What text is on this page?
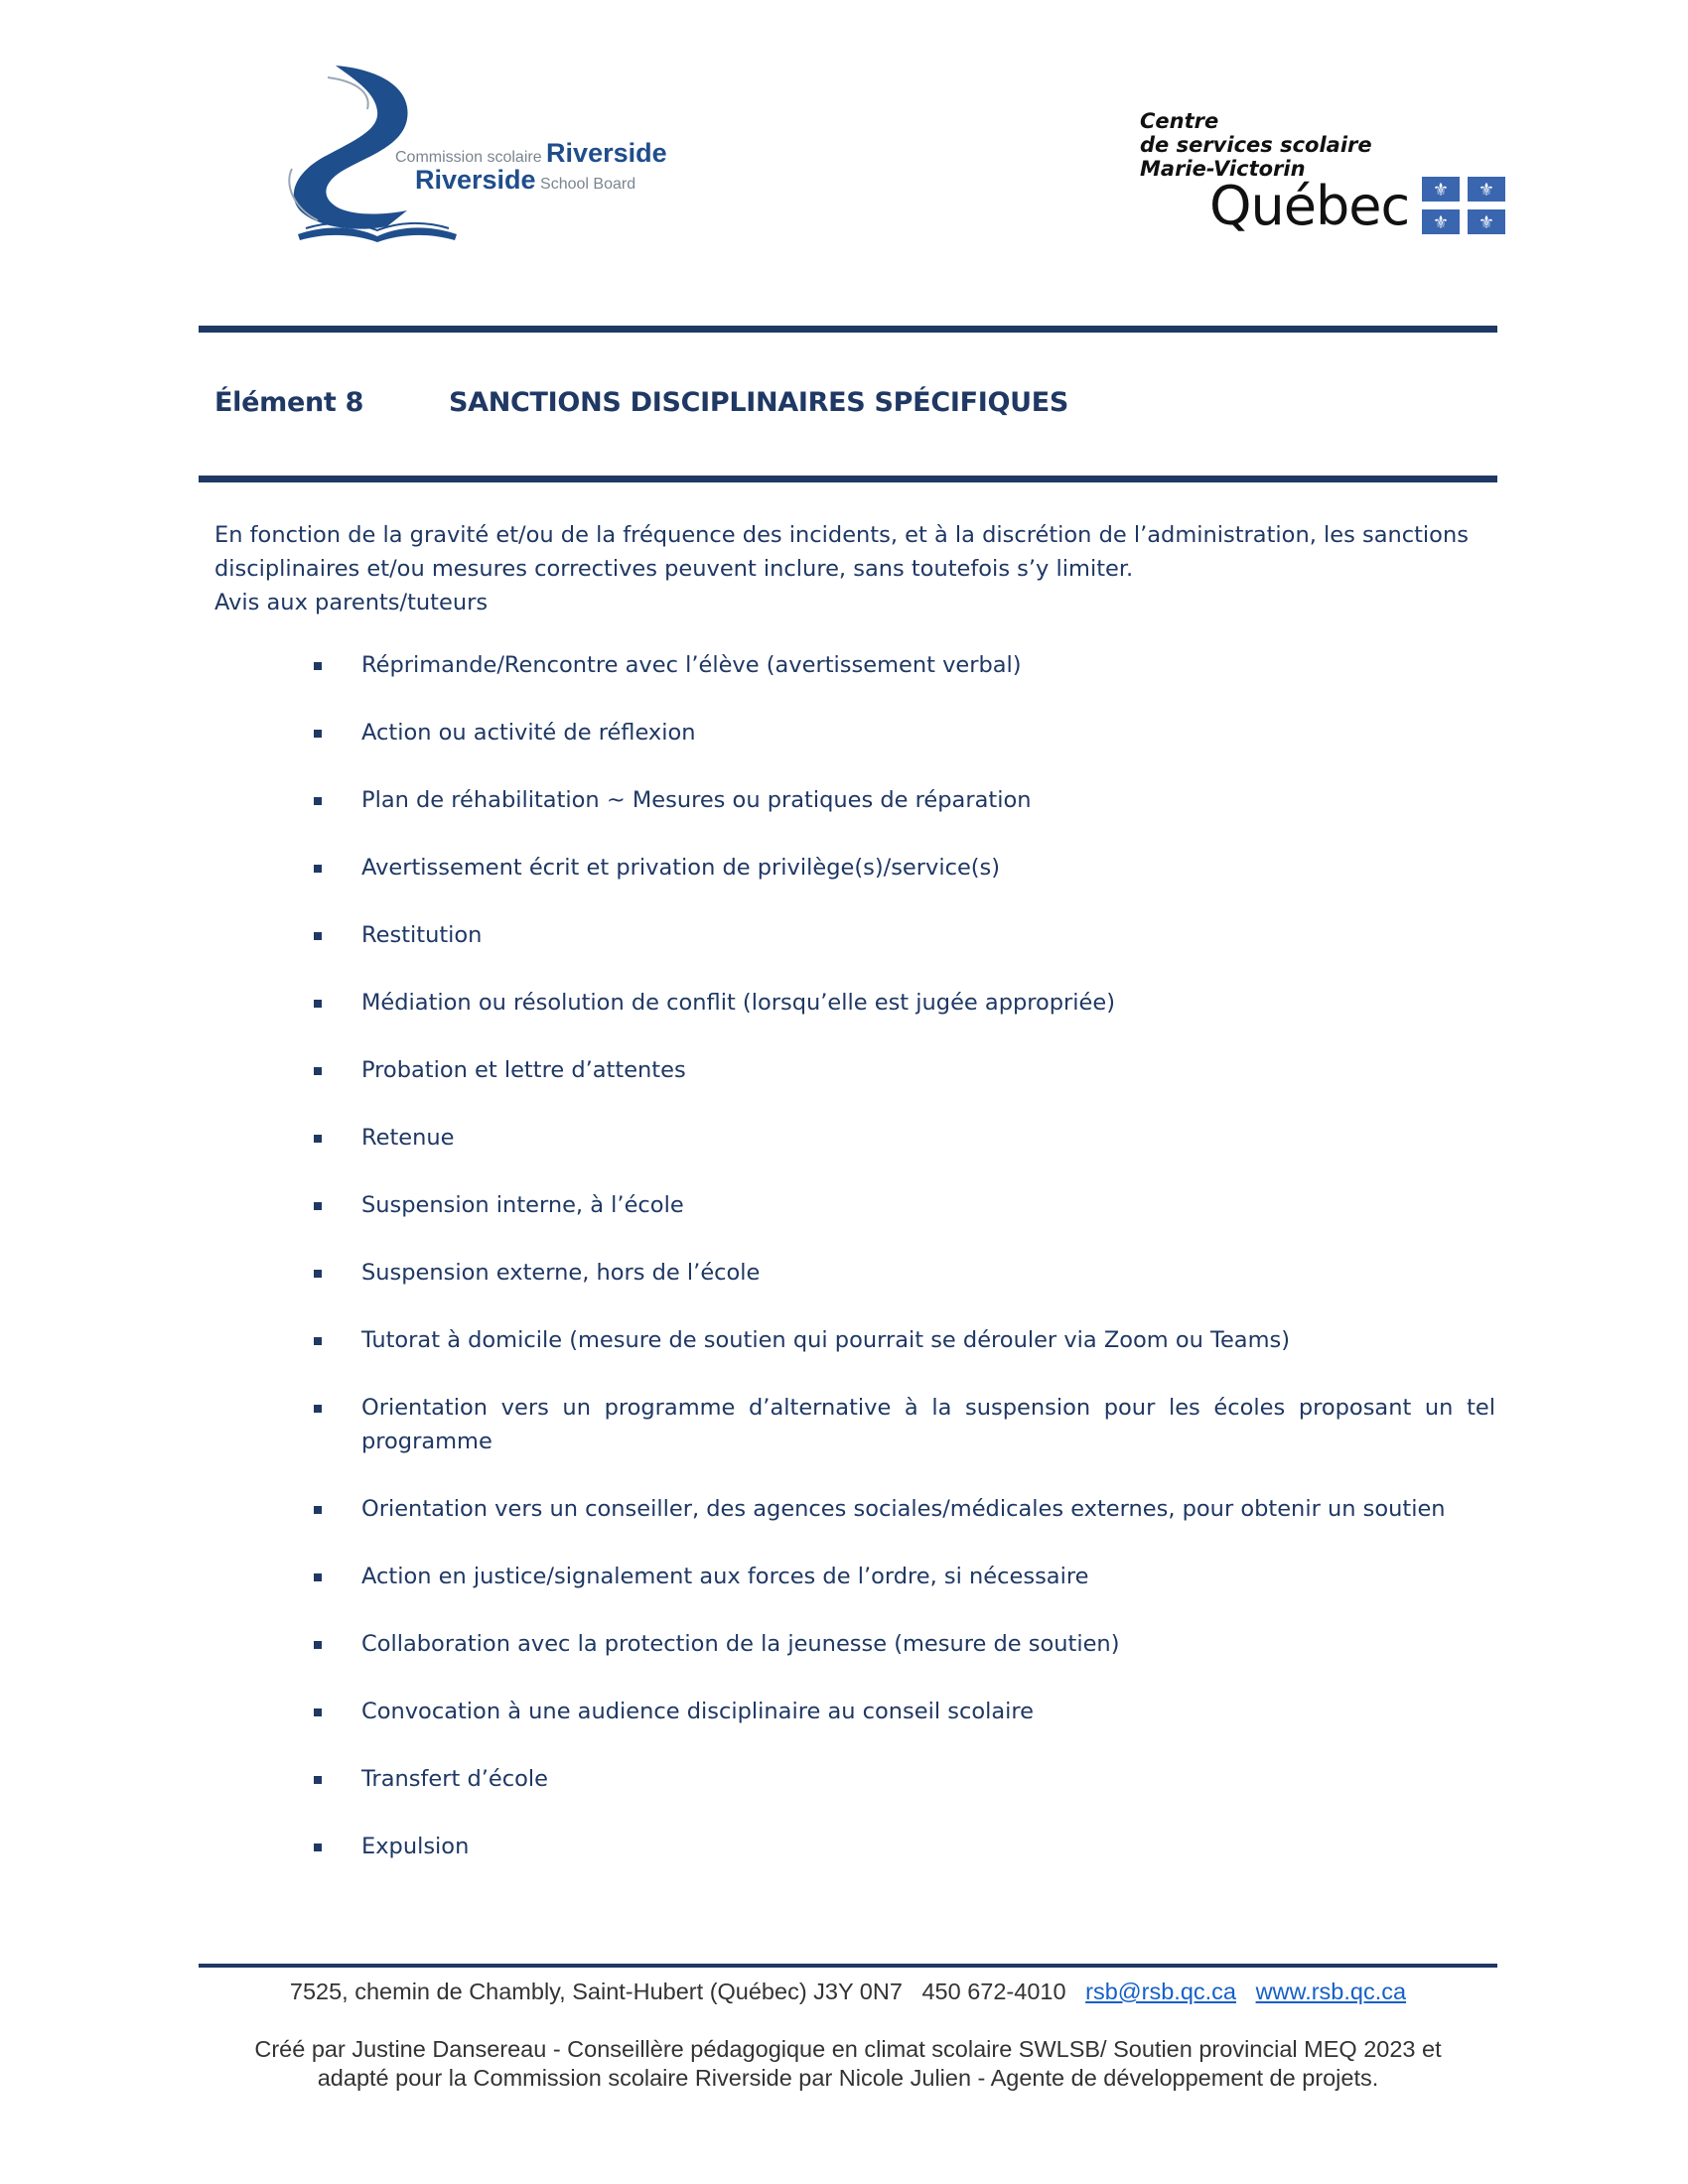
Commission scolaire Riverside
Riverside School Board
Centre
de services scolaire
Marie-Victorin
Québec ⚜ ⚜
⚜ ⚜
Élément 8	SANCTIONS DISCIPLINAIRES SPÉCIFIQUES

En fonction de la gravité et/ou de la fréquence des incidents, et à la discrétion de l’administration, les sanctions disciplinaires et/ou mesures correctives peuvent inclure, sans toutefois s’y limiter.

Avis aux parents/tuteurs

Réprimande/Rencontre avec l’élève (avertissement verbal)
Action ou activité de réflexion
Plan de réhabilitation ~ Mesures ou pratiques de réparation
Avertissement écrit et privation de privilège(s)/service(s)
Restitution
Médiation ou résolution de conflit (lorsqu’elle est jugée appropriée)
Probation et lettre d’attentes
Retenue
Suspension interne, à l’école
Suspension externe, hors de l’école
Tutorat à domicile (mesure de soutien qui pourrait se dérouler via Zoom ou Teams)
Orientation vers un programme d’alternative à la suspension pour les écoles proposant un tel programme
Orientation vers un conseiller, des agences sociales/médicales externes, pour obtenir un soutien
Action en justice/signalement aux forces de l’ordre, si nécessaire
Collaboration avec la protection de la jeunesse (mesure de soutien)
Convocation à une audience disciplinaire au conseil scolaire
Transfert d’école
Expulsion
7525, chemin de Chambly, Saint-Hubert (Québec) J3Y 0N7 450 672-4010 rsb@rsb.qc.ca www.rsb.qc.ca
Créé par Justine Dansereau - Conseillère pédagogique en climat scolaire SWLSB/ Soutien provincial MEQ 2023 et
adapté pour la Commission scolaire Riverside par Nicole Julien - Agente de développement de projets.
